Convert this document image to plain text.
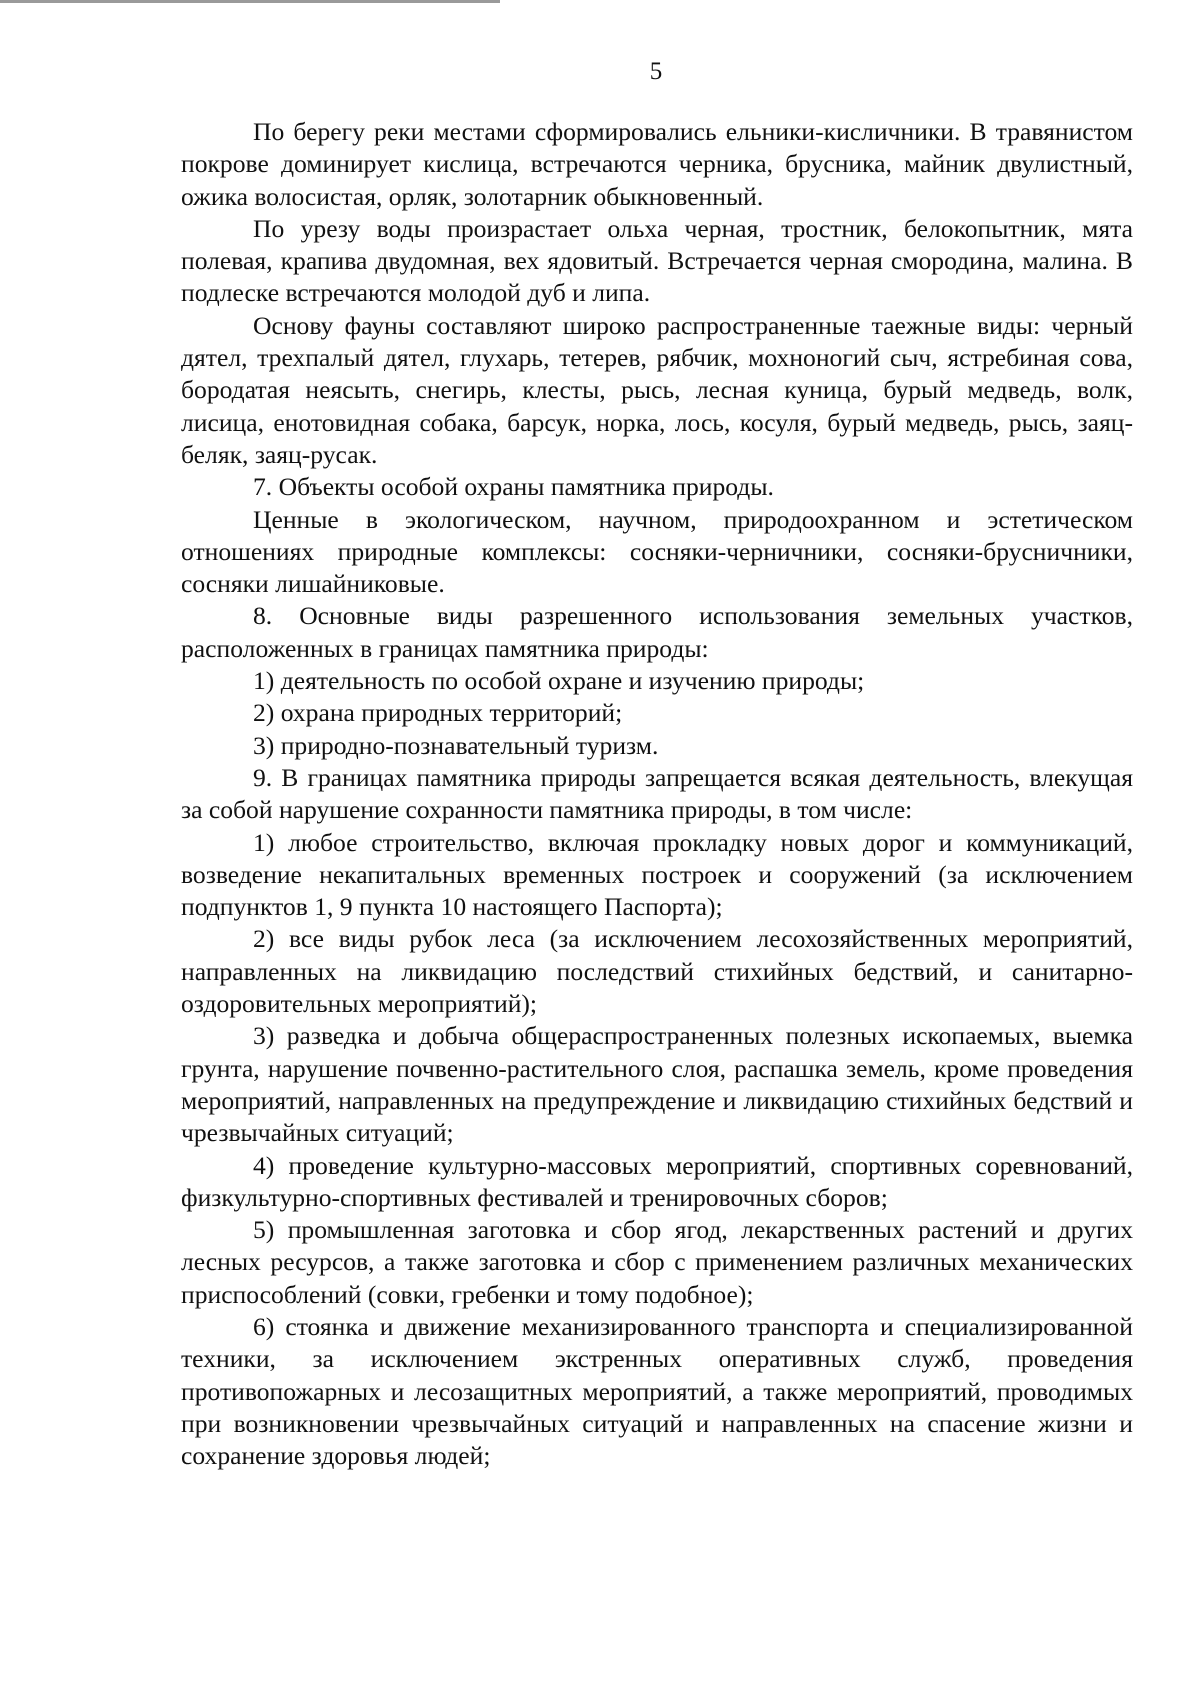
5

По берегу реки местами сформировались ельники-кисличники. В травянистом покрове доминирует кислица, встречаются черника, брусника, майник двулистный, ожика волосистая, орляк, золотарник обыкновенный.

По урезу воды произрастает ольха черная, тростник, белокопытник, мята полевая, крапива двудомная, вех ядовитый. Встречается черная смородина, малина. В подлеске встречаются молодой дуб и липа.

Основу фауны составляют широко распространенные таежные виды: черный дятел, трехпалый дятел, глухарь, тетерев, рябчик, мохноногий сыч, ястребиная сова, бородатая неясыть, снегирь, клесты, рысь, лесная куница, бурый медведь, волк, лисица, енотовидная собака, барсук, норка, лось, косуля, бурый медведь, рысь, заяц-беляк, заяц-русак.

7. Объекты особой охраны памятника природы.

Ценные в экологическом, научном, природоохранном и эстетическом отношениях природные комплексы: сосняки-черничники, сосняки-брусничники, сосняки лишайниковые.

8. Основные виды разрешенного использования земельных участков, расположенных в границах памятника природы:

1) деятельность по особой охране и изучению природы;

2) охрана природных территорий;

3) природно-познавательный туризм.

9. В границах памятника природы запрещается всякая деятельность, влекущая за собой нарушение сохранности памятника природы, в том числе:

1) любое строительство, включая прокладку новых дорог и коммуникаций, возведение некапитальных временных построек и сооружений (за исключением подпунктов 1, 9 пункта 10 настоящего Паспорта);

2) все виды рубок леса (за исключением лесохозяйственных мероприятий, направленных на ликвидацию последствий стихийных бедствий, и санитарно-оздоровительных мероприятий);

3) разведка и добыча общераспространенных полезных ископаемых, выемка грунта, нарушение почвенно-растительного слоя, распашка земель, кроме проведения мероприятий, направленных на предупреждение и ликвидацию стихийных бедствий и чрезвычайных ситуаций;

4) проведение культурно-массовых мероприятий, спортивных соревнований, физкультурно-спортивных фестивалей и тренировочных сборов;

5) промышленная заготовка и сбор ягод, лекарственных растений и других лесных ресурсов, а также заготовка и сбор с применением различных механических приспособлений (совки, гребенки и тому подобное);

6) стоянка и движение механизированного транспорта и специализированной техники, за исключением экстренных оперативных служб, проведения противопожарных и лесозащитных мероприятий, а также мероприятий, проводимых при возникновении чрезвычайных ситуаций и направленных на спасение жизни и сохранение здоровья людей;
